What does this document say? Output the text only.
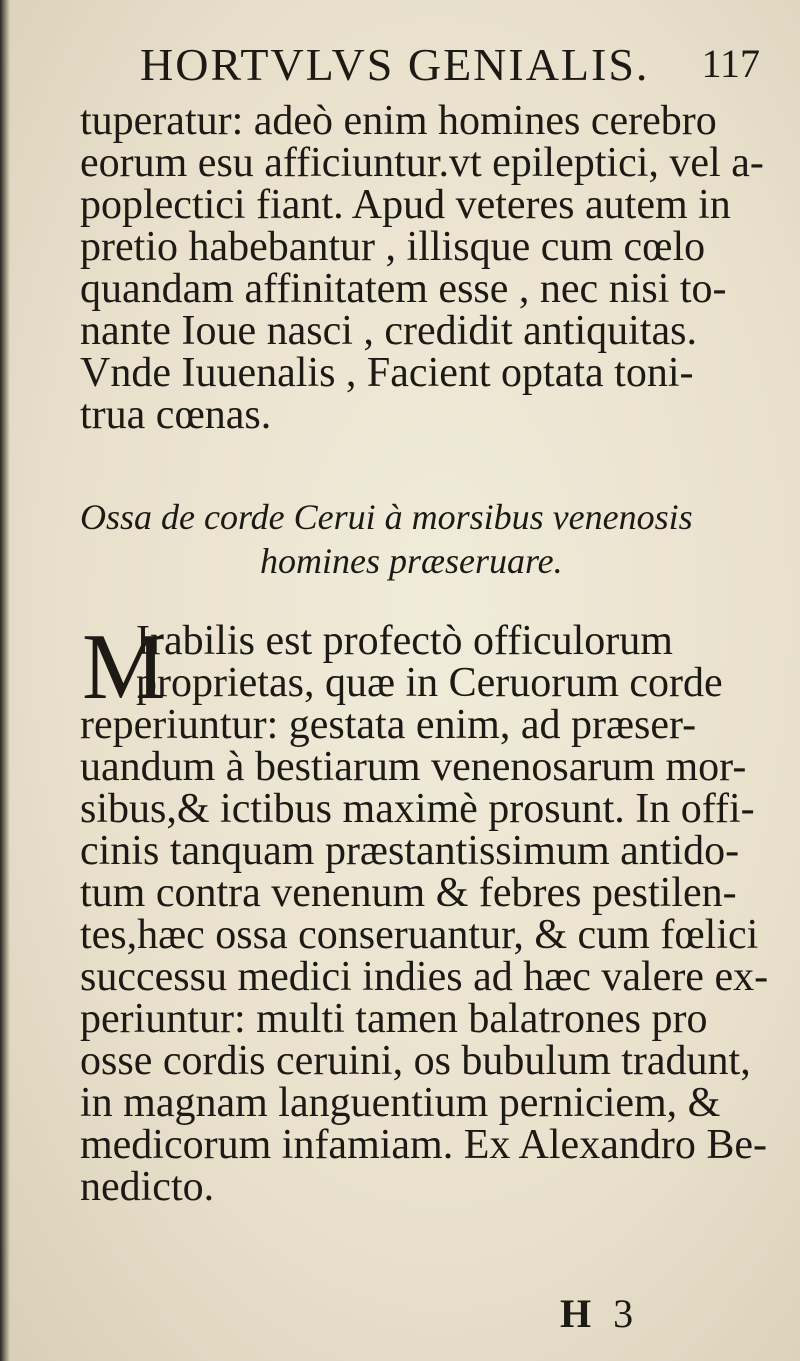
HORTVLVS GENIALIS. 117
tuperatur: adeò enim homines cerebro
eorum esu afficiuntur.vt epileptici, vel a-
poplectici fiant. Apud veteres autem in
pretio habebantur , illisque cum cœlo
quandam affinitatem esse , nec nisi to-
nante Ioue nasci , credidit antiquitas.
Vnde Iuuenalis , Facient optata toni-
trua cœnas.
Ossa de corde Cerui à morsibus venenosis
homines præseruare.
M
Irabilis est profectò officulorum
proprietas, quæ in Ceruorum corde
reperiuntur: gestata enim, ad præser-
uandum à bestiarum venenosarum mor-
sibus,& ictibus maximè prosunt. In offi-
cinis tanquam præstantissimum antido-
tum contra venenum & febres pestilen-
tes,hæc ossa conseruantur, & cum fœlici
successu medici indies ad hæc valere ex-
periuntur: multi tamen balatrones pro
osse cordis ceruini, os bubulum tradunt,
in magnam languentium perniciem, &
medicorum infamiam. Ex Alexandro Be-
nedicto.
H 3
